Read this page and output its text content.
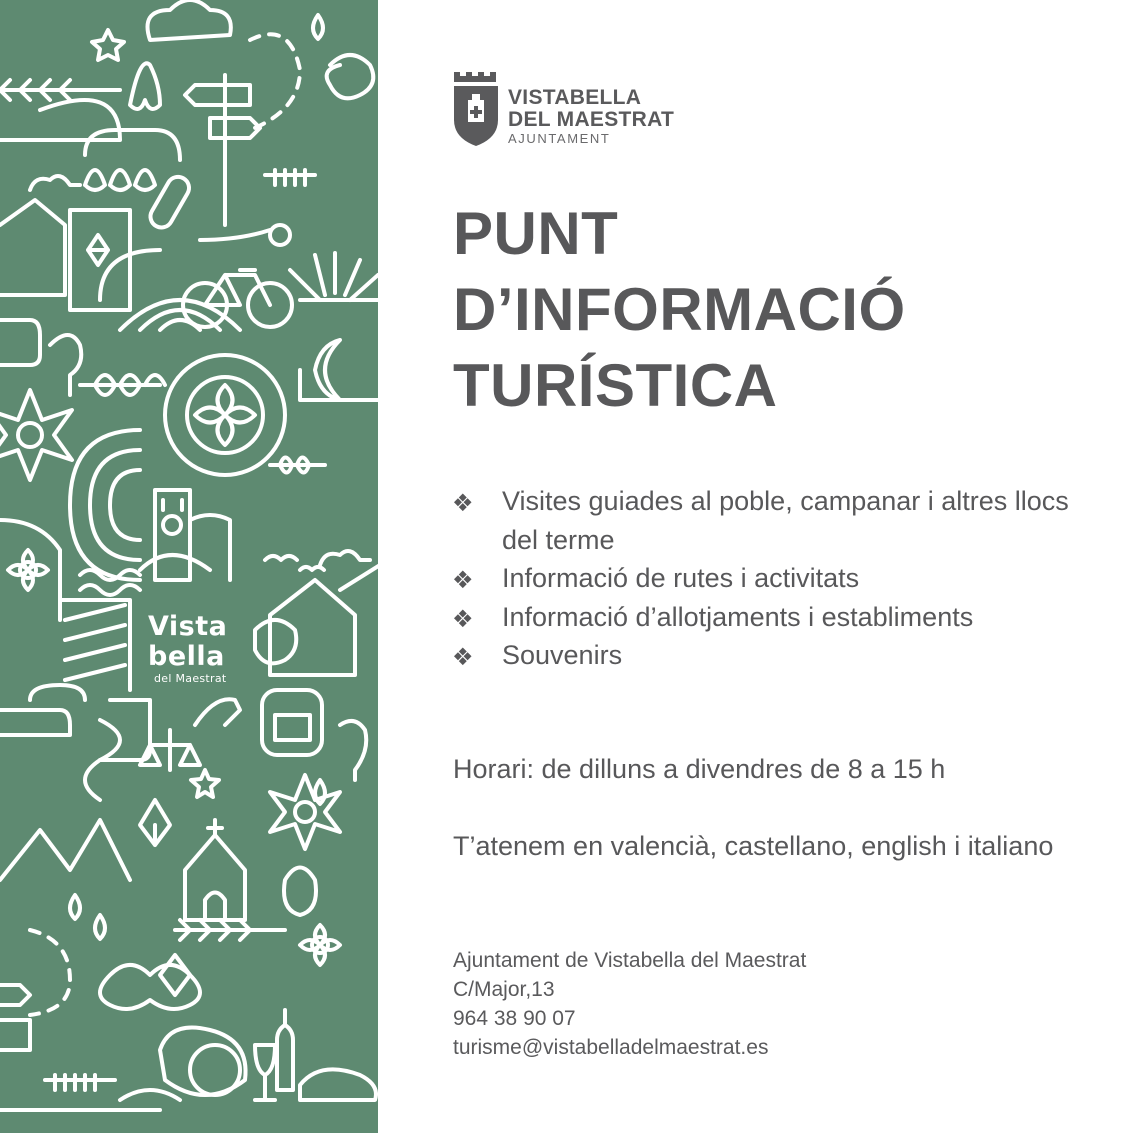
Vista
bella
del Maestrat
VISTABELLA
DEL MAESTRAT
AJUNTAMENT
PUNT
D’INFORMACIÓ
TURÍSTICA
❖ Visites guiades al poble, campanar i altres llocs del terme
❖ Informació de rutes i activitats
❖ Informació d’allotjaments i establiments
❖ Souvenirs
Horari: de dilluns a divendres de 8 a 15 h
T’atenem en valencià, castellano, english i italiano
Ajuntament de Vistabella del Maestrat
C/Major,13
964 38 90 07
turisme@vistabelladelmaestrat.es
